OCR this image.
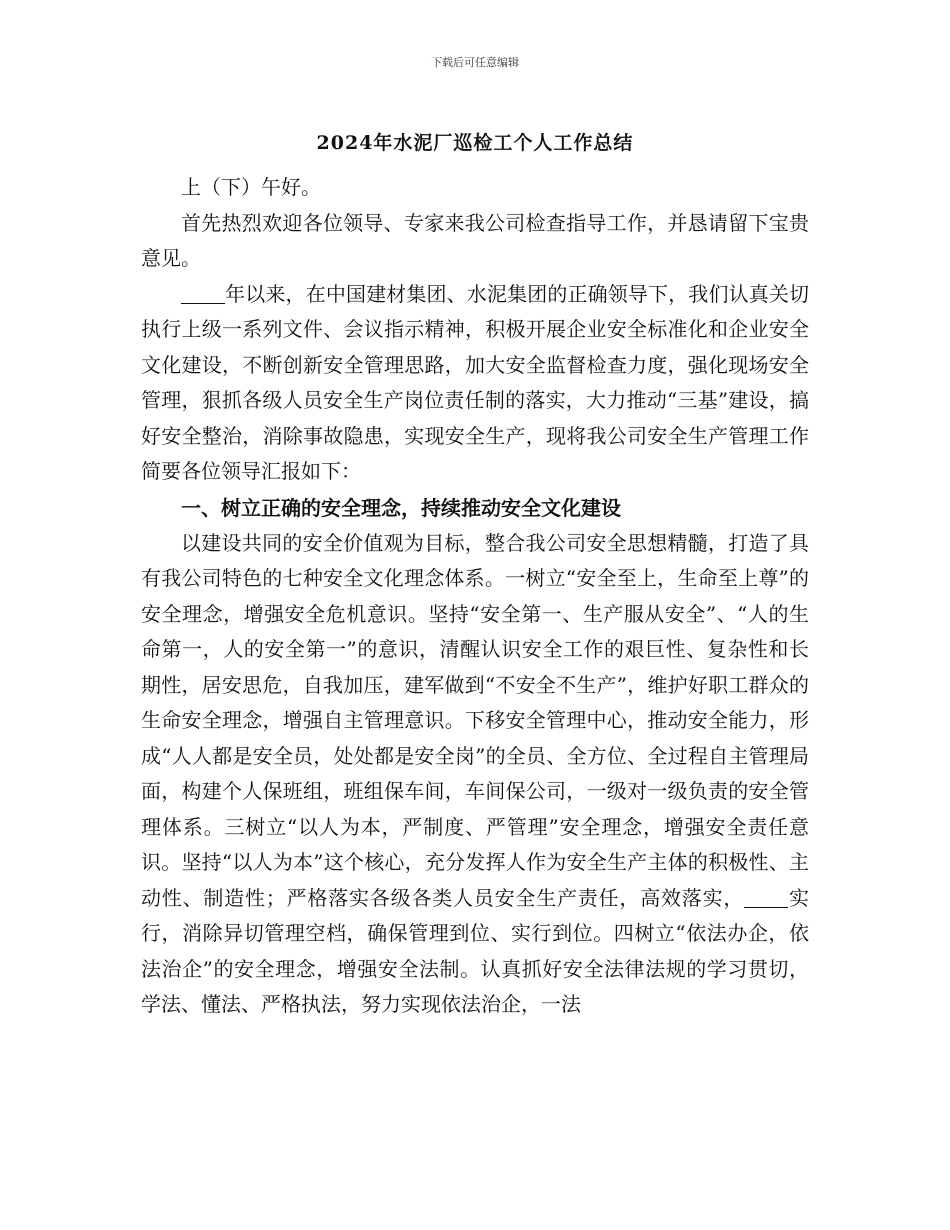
下载后可任意编辑
2024年水泥厂巡检工个人工作总结

上（下）午好。

首先热烈欢迎各位领导、专家来我公司检查指导工作，并恳请留下宝贵意见。

年以来，在中国建材集团、水泥集团的正确领导下，我们认真关切执行上级一系列文件、会议指示精神，积极开展企业安全标准化和企业安全文化建设，不断创新安全管理思路，加大安全监督检查力度，强化现场安全管理，狠抓各级人员安全生产岗位责任制的落实，大力推动“三基”建设，搞好安全整治，消除事故隐患，实现安全生产，现将我公司安全生产管理工作简要各位领导汇报如下：

一、树立正确的安全理念，持续推动安全文化建设

以建设共同的安全价值观为目标，整合我公司安全思想精髓，打造了具有我公司特色的七种安全文化理念体系。一树立“安全至上，生命至上尊”的安全理念，增强安全危机意识。坚持“安全第一、生产服从安全”、“人的生命第一，人的安全第一”的意识，清醒认识安全工作的艰巨性、复杂性和长期性，居安思危，自我加压，建军做到“不安全不生产”，维护好职工群众的生命安全理念，增强自主管理意识。下移安全管理中心，推动安全能力，形成“人人都是安全员，处处都是安全岗”的全员、全方位、全过程自主管理局面，构建个人保班组，班组保车间，车间保公司，一级对一级负责的安全管理体系。三树立“以人为本，严制度、严管理”安全理念，增强安全责任意识。坚持“以人为本”这个核心，充分发挥人作为安全生产主体的积极性、主动性、制造性；严格落实各级各类人员安全生产责任，高效落实， 实行，消除异切管理空档，确保管理到位、实行到位。四树立“依法办企，依法治企”的安全理念，增强安全法制。认真抓好安全法律法规的学习贯切，学法、懂法、严格执法，努力实现依法治企，一法
